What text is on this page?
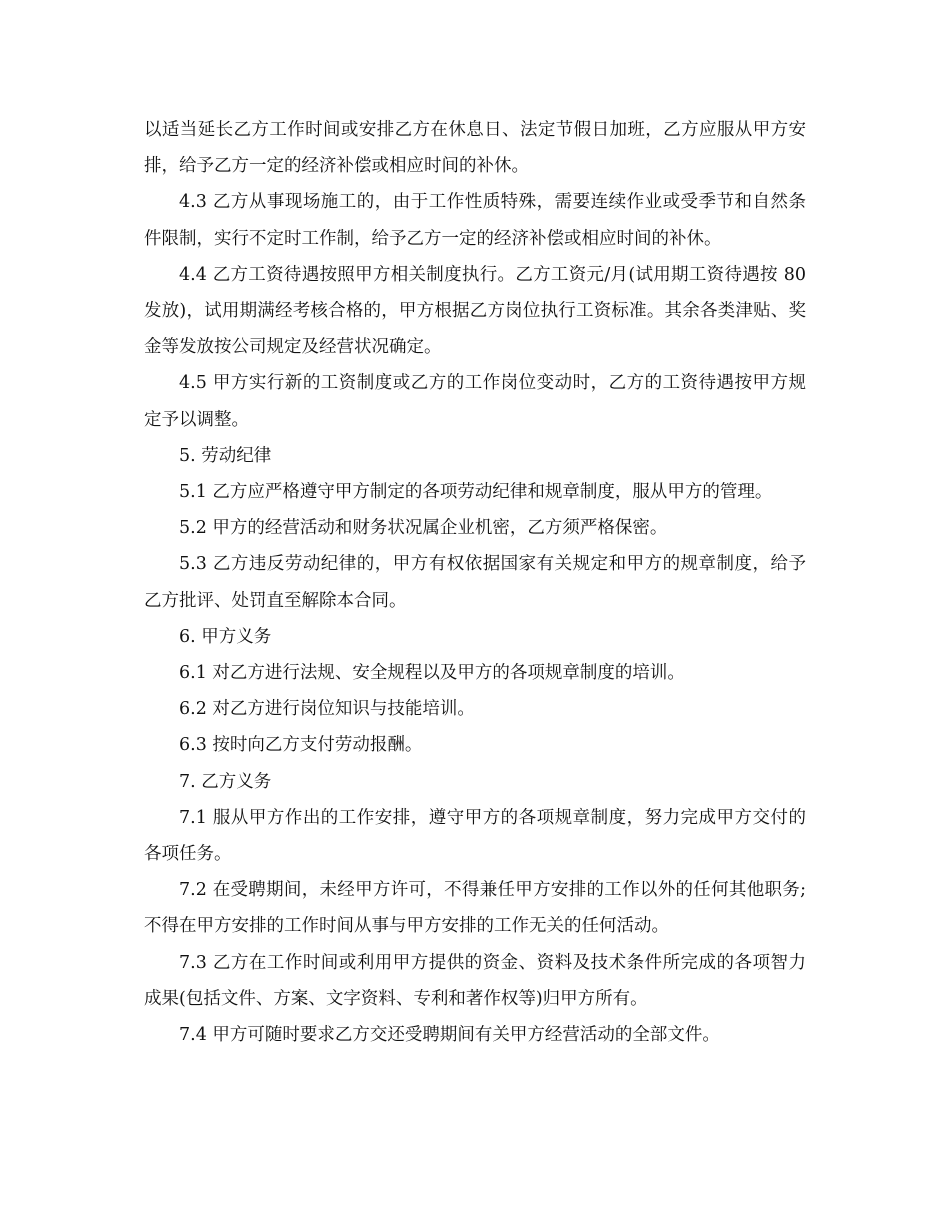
以适当延长乙方工作时间或安排乙方在休息日、法定节假日加班，乙方应服从甲方安排，给予乙方一定的经济补偿或相应时间的补休。

4.3 乙方从事现场施工的，由于工作性质特殊，需要连续作业或受季节和自然条件限制，实行不定时工作制，给予乙方一定的经济补偿或相应时间的补休。

4.4 乙方工资待遇按照甲方相关制度执行。乙方工资元/月(试用期工资待遇按 80 发放)，试用期满经考核合格的，甲方根据乙方岗位执行工资标准。其余各类津贴、奖金等发放按公司规定及经营状况确定。

4.5 甲方实行新的工资制度或乙方的工作岗位变动时，乙方的工资待遇按甲方规定予以调整。

5. 劳动纪律

5.1 乙方应严格遵守甲方制定的各项劳动纪律和规章制度，服从甲方的管理。

5.2 甲方的经营活动和财务状况属企业机密，乙方须严格保密。

5.3 乙方违反劳动纪律的，甲方有权依据国家有关规定和甲方的规章制度，给予乙方批评、处罚直至解除本合同。

6. 甲方义务

6.1 对乙方进行法规、安全规程以及甲方的各项规章制度的培训。

6.2 对乙方进行岗位知识与技能培训。

6.3 按时向乙方支付劳动报酬。

7. 乙方义务

7.1 服从甲方作出的工作安排，遵守甲方的各项规章制度，努力完成甲方交付的各项任务。

7.2 在受聘期间，未经甲方许可，不得兼任甲方安排的工作以外的任何其他职务;不得在甲方安排的工作时间从事与甲方安排的工作无关的任何活动。

7.3 乙方在工作时间或利用甲方提供的资金、资料及技术条件所完成的各项智力成果(包括文件、方案、文字资料、专利和著作权等)归甲方所有。

7.4 甲方可随时要求乙方交还受聘期间有关甲方经营活动的全部文件。
